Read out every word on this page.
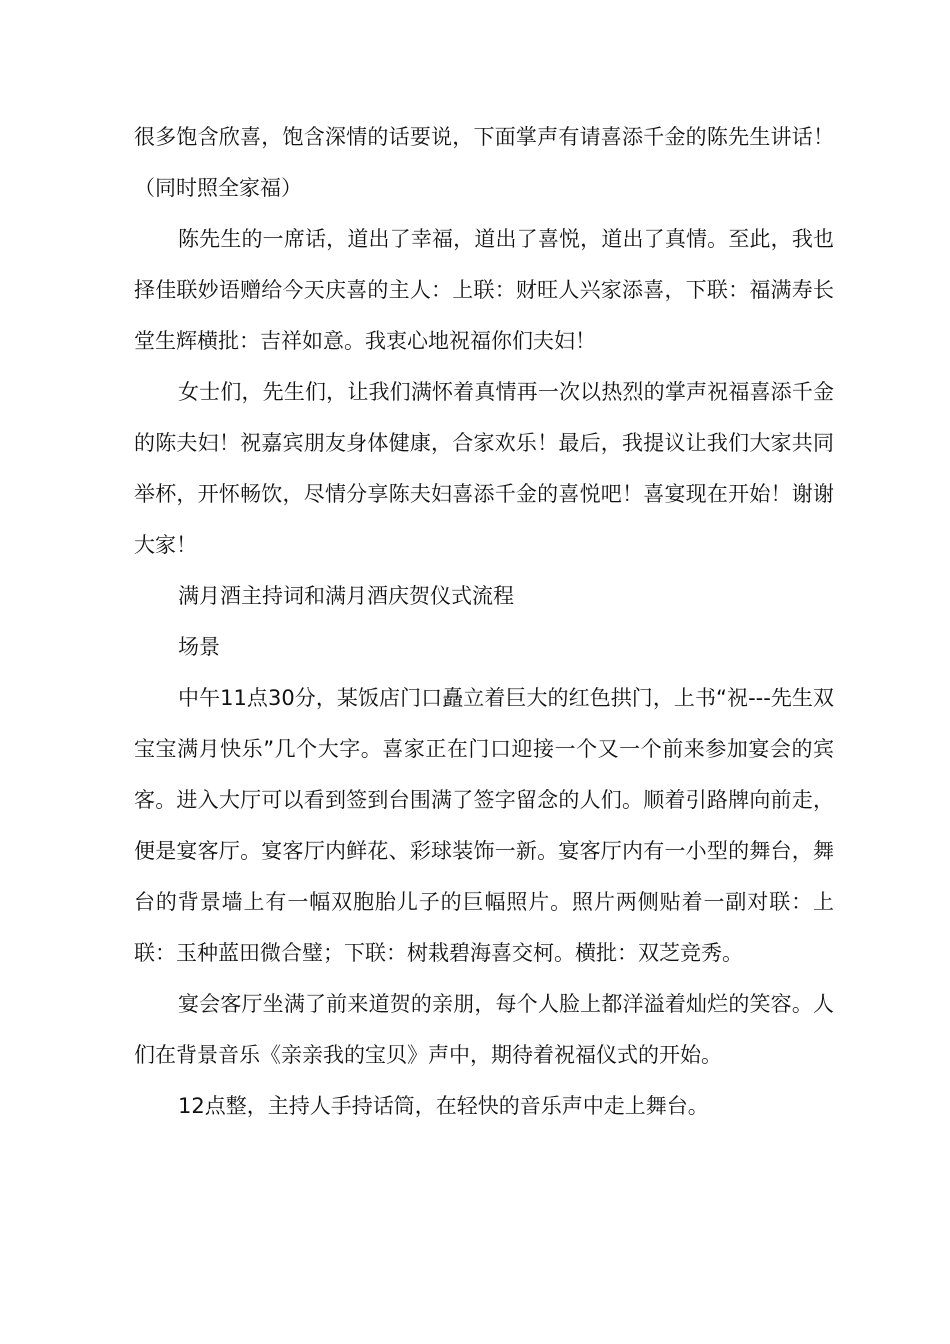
很多饱含欣喜，饱含深情的话要说，下面掌声有请喜添千金的陈先生讲话！（同时照全家福）

陈先生的一席话，道出了幸福，道出了喜悦，道出了真情。至此，我也择佳联妙语赠给今天庆喜的主人：上联：财旺人兴家添喜，下联：福满寿长堂生辉横批：吉祥如意。我衷心地祝福你们夫妇！

女士们，先生们，让我们满怀着真情再一次以热烈的掌声祝福喜添千金的陈夫妇！祝嘉宾朋友身体健康，合家欢乐！最后，我提议让我们大家共同举杯，开怀畅饮，尽情分享陈夫妇喜添千金的喜悦吧！喜宴现在开始！谢谢大家！

满月酒主持词和满月酒庆贺仪式流程

场景

中午11点30分，某饭店门口矗立着巨大的红色拱门，上书“祝---先生双宝宝满月快乐”几个大字。喜家正在门口迎接一个又一个前来参加宴会的宾客。进入大厅可以看到签到台围满了签字留念的人们。顺着引路牌向前走，便是宴客厅。宴客厅内鲜花、彩球装饰一新。宴客厅内有一小型的舞台，舞台的背景墙上有一幅双胞胎儿子的巨幅照片。照片两侧贴着一副对联：上联：玉种蓝田微合璧；下联：树栽碧海喜交柯。横批：双芝竞秀。

宴会客厅坐满了前来道贺的亲朋，每个人脸上都洋溢着灿烂的笑容。人们在背景音乐《亲亲我的宝贝》声中，期待着祝福仪式的开始。

12点整，主持人手持话筒，在轻快的音乐声中走上舞台。
